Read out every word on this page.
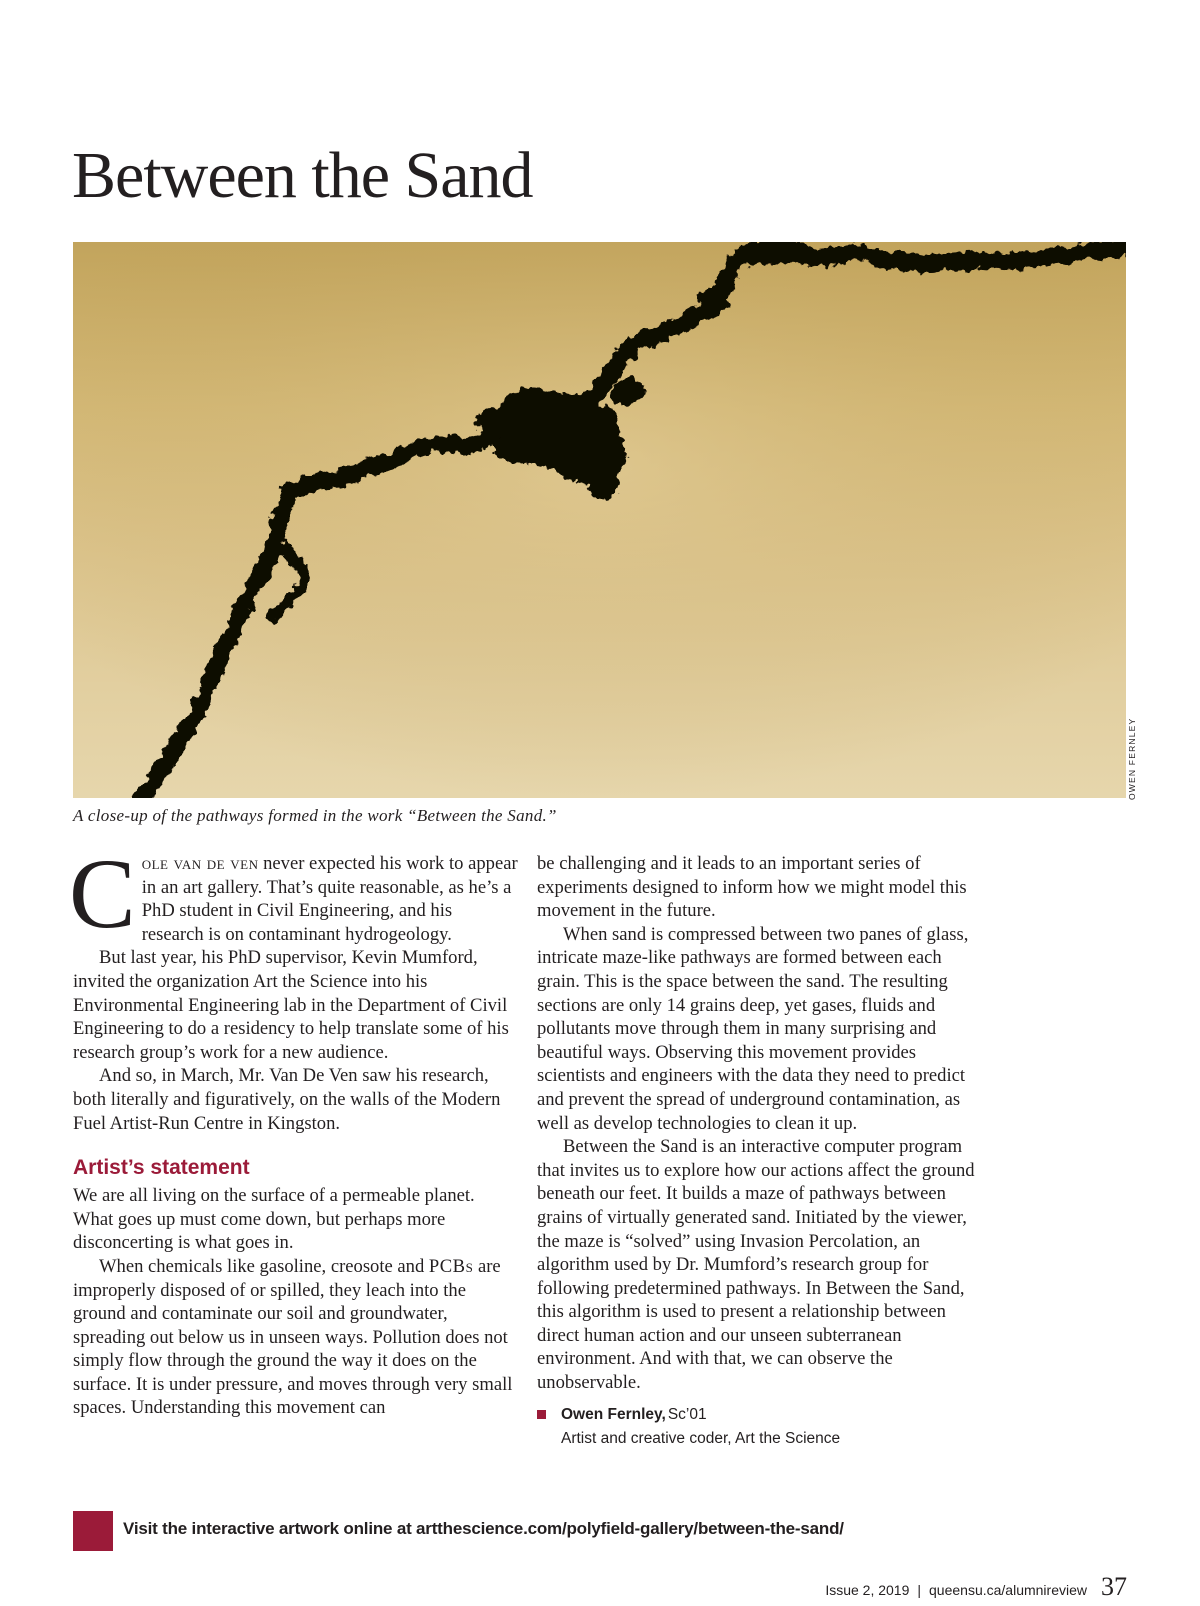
Between the Sand
OWEN FERNLEY

A close-up of the pathways formed in the work “Between the Sand.”

Cole van de ven never expected his work to appear in an art gallery. That’s quite reasonable, as he’s a PhD student in Civil Engineering, and his research is on contaminant hydrogeology.

But last year, his PhD supervisor, Kevin Mumford, invited the organization Art the Science into his Environmental Engineering lab in the Department of Civil Engineering to do a residency to help translate some of his research group’s work for a new audience.

And so, in March, Mr. Van De Ven saw his research, both literally and figuratively, on the walls of the Modern Fuel Artist-Run Centre in Kingston.

Artist’s statement

We are all living on the surface of a permeable planet. What goes up must come down, but perhaps more disconcerting is what goes in.

When chemicals like gasoline, creosote and PCBs are improperly disposed of or spilled, they leach into the ground and contaminate our soil and groundwater, spreading out below us in unseen ways. Pollution does not simply flow through the ground the way it does on the surface. It is under pressure, and moves through very small spaces. Understanding this movement can

be challenging and it leads to an important series of experiments designed to inform how we might model this movement in the future.

When sand is compressed between two panes of glass, intricate maze-like pathways are formed between each grain. This is the space between the sand. The resulting sections are only 14 grains deep, yet gases, fluids and pollutants move through them in many surprising and beautiful ways. Observing this movement provides scientists and engineers with the data they need to predict and prevent the spread of underground contamination, as well as develop technologies to clean it up.

Between the Sand is an interactive computer program that invites us to explore how our actions affect the ground beneath our feet. It builds a maze of pathways between grains of virtually generated sand. Initiated by the viewer, the maze is “solved” using Invasion Percolation, an algorithm used by Dr. Mumford’s research group for following predetermined pathways. In Between the Sand, this algorithm is used to present a relationship between direct human action and our unseen subterranean environment. And with that, we can observe the unobservable.

Owen Fernley, Sc’01
Artist and creative coder, Art the Science
Visit the interactive artwork online at artthescience.com/polyfield-gallery/between-the-sand/
Issue 2, 2019 | queensu.ca/alumnireview 37
